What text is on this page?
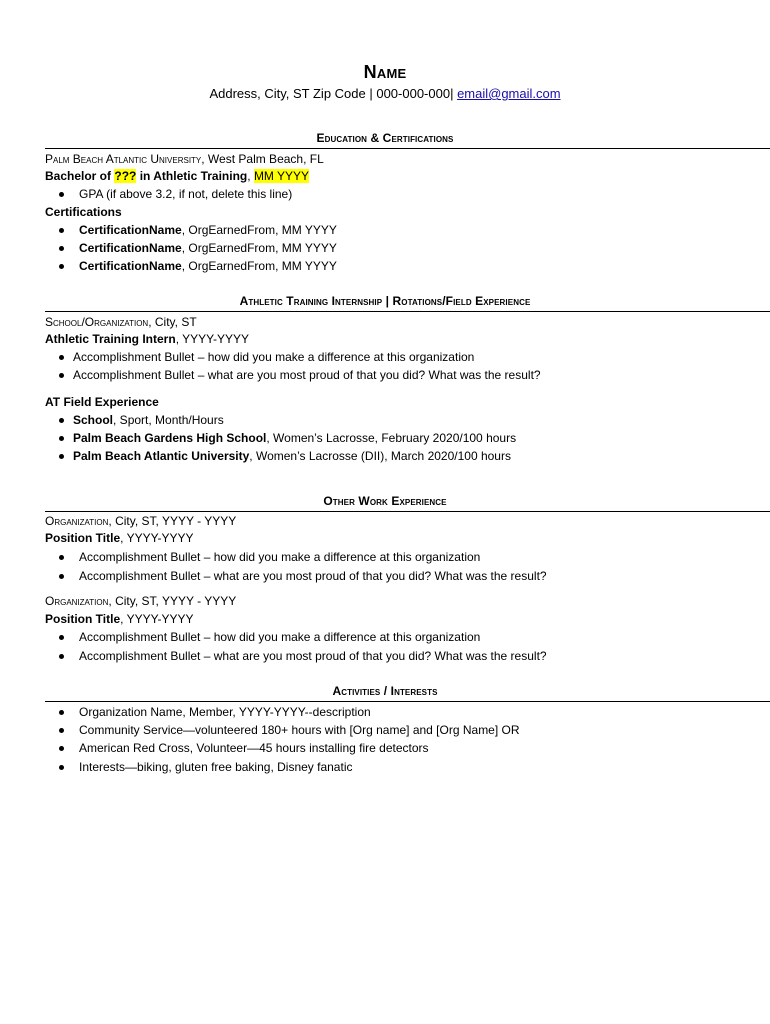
Name
Address, City, ST Zip Code | 000-000-000| email@gmail.com
Education & Certifications
Palm Beach Atlantic University, West Palm Beach, FL
Bachelor of ??? in Athletic Training, MM YYYY
GPA (if above 3.2, if not, delete this line)
Certifications
CertificationName, OrgEarnedFrom, MM YYYY
CertificationName, OrgEarnedFrom, MM YYYY
CertificationName, OrgEarnedFrom, MM YYYY
Athletic Training Internship | Rotations/Field Experience
School/Organization, City, ST
Athletic Training Intern, YYYY-YYYY
Accomplishment Bullet – how did you make a difference at this organization
Accomplishment Bullet – what are you most proud of that you did? What was the result?
AT Field Experience
School, Sport, Month/Hours
Palm Beach Gardens High School, Women’s Lacrosse, February 2020/100 hours
Palm Beach Atlantic University, Women’s Lacrosse (DII), March 2020/100 hours
Other Work Experience
Organization, City, ST, YYYY - YYYY
Position Title, YYYY-YYYY
Accomplishment Bullet – how did you make a difference at this organization
Accomplishment Bullet – what are you most proud of that you did? What was the result?
Organization, City, ST, YYYY - YYYY
Position Title, YYYY-YYYY
Accomplishment Bullet – how did you make a difference at this organization
Accomplishment Bullet – what are you most proud of that you did? What was the result?
Activities / Interests
Organization Name, Member, YYYY-YYYY--description
Community Service—volunteered 180+ hours with [Org name] and [Org Name] OR
American Red Cross, Volunteer—45 hours installing fire detectors
Interests—biking, gluten free baking, Disney fanatic
